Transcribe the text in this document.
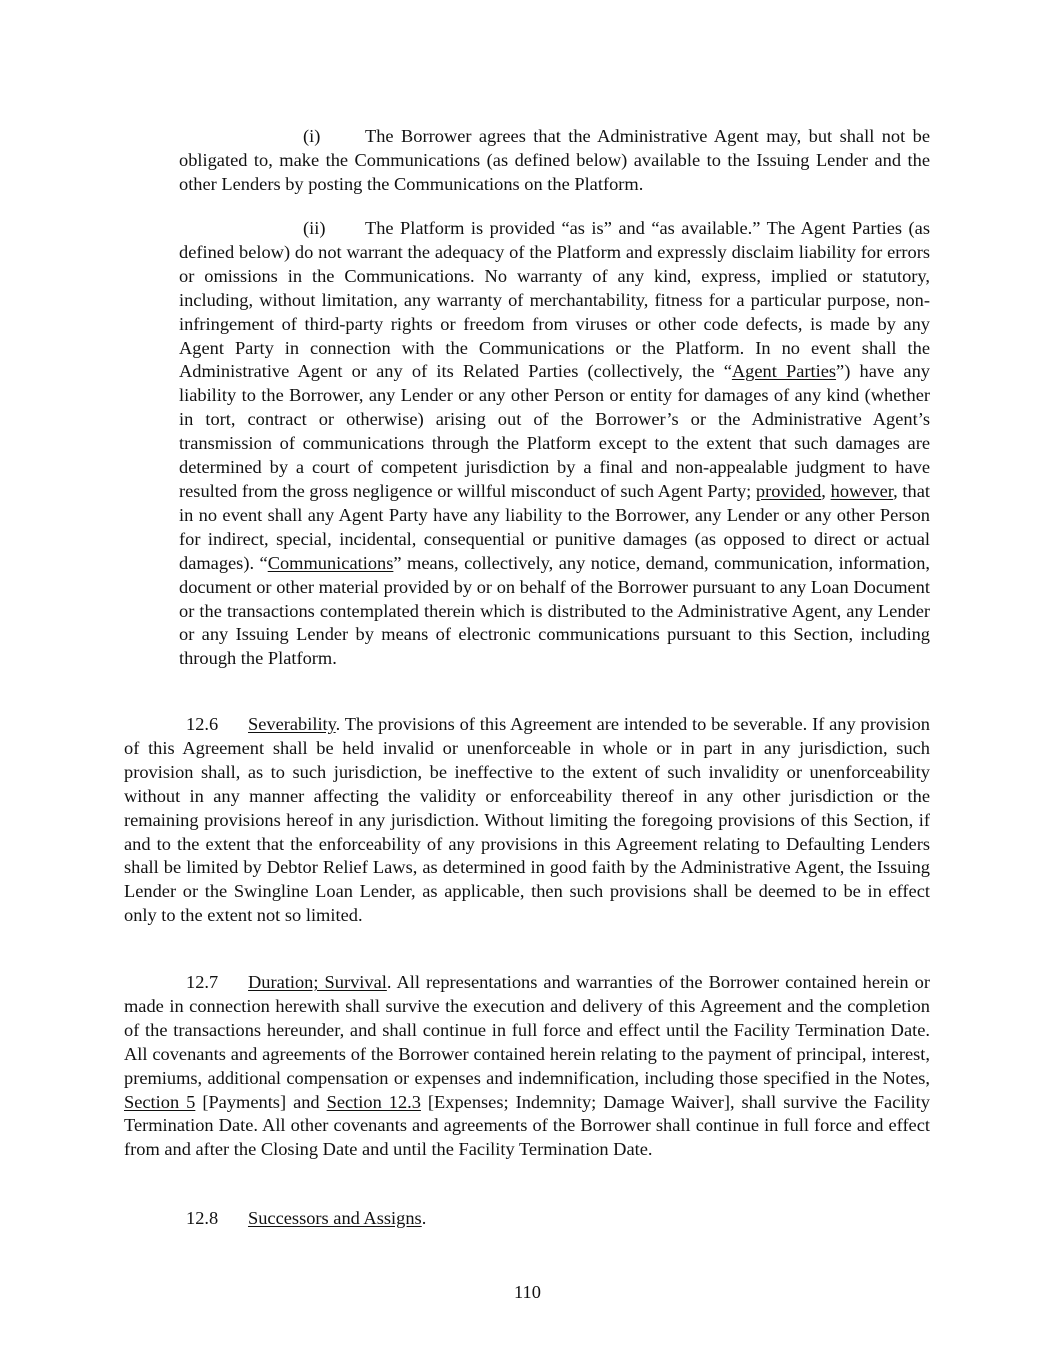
(i) The Borrower agrees that the Administrative Agent may, but shall not be obligated to, make the Communications (as defined below) available to the Issuing Lender and the other Lenders by posting the Communications on the Platform.

(ii) The Platform is provided “as is” and “as available.” The Agent Parties (as defined below) do not warrant the adequacy of the Platform and expressly disclaim liability for errors or omissions in the Communications. No warranty of any kind, express, implied or statutory, including, without limitation, any warranty of merchantability, fitness for a particular purpose, non-infringement of third-party rights or freedom from viruses or other code defects, is made by any Agent Party in connection with the Communications or the Platform. In no event shall the Administrative Agent or any of its Related Parties (collectively, the “Agent Parties”) have any liability to the Borrower, any Lender or any other Person or entity for damages of any kind (whether in tort, contract or otherwise) arising out of the Borrower’s or the Administrative Agent’s transmission of communications through the Platform except to the extent that such damages are determined by a court of competent jurisdiction by a final and non-appealable judgment to have resulted from the gross negligence or willful misconduct of such Agent Party; provided, however, that in no event shall any Agent Party have any liability to the Borrower, any Lender or any other Person for indirect, special, incidental, consequential or punitive damages (as opposed to direct or actual damages). “Communications” means, collectively, any notice, demand, communication, information, document or other material provided by or on behalf of the Borrower pursuant to any Loan Document or the transactions contemplated therein which is distributed to the Administrative Agent, any Lender or any Issuing Lender by means of electronic communications pursuant to this Section, including through the Platform.

12.6 Severability. The provisions of this Agreement are intended to be severable. If any provision of this Agreement shall be held invalid or unenforceable in whole or in part in any jurisdiction, such provision shall, as to such jurisdiction, be ineffective to the extent of such invalidity or unenforceability without in any manner affecting the validity or enforceability thereof in any other jurisdiction or the remaining provisions hereof in any jurisdiction. Without limiting the foregoing provisions of this Section, if and to the extent that the enforceability of any provisions in this Agreement relating to Defaulting Lenders shall be limited by Debtor Relief Laws, as determined in good faith by the Administrative Agent, the Issuing Lender or the Swingline Loan Lender, as applicable, then such provisions shall be deemed to be in effect only to the extent not so limited.

12.7 Duration; Survival. All representations and warranties of the Borrower contained herein or made in connection herewith shall survive the execution and delivery of this Agreement and the completion of the transactions hereunder, and shall continue in full force and effect until the Facility Termination Date. All covenants and agreements of the Borrower contained herein relating to the payment of principal, interest, premiums, additional compensation or expenses and indemnification, including those specified in the Notes, Section 5 [Payments] and Section 12.3 [Expenses; Indemnity; Damage Waiver], shall survive the Facility Termination Date. All other covenants and agreements of the Borrower shall continue in full force and effect from and after the Closing Date and until the Facility Termination Date.

12.8 Successors and Assigns.

110
